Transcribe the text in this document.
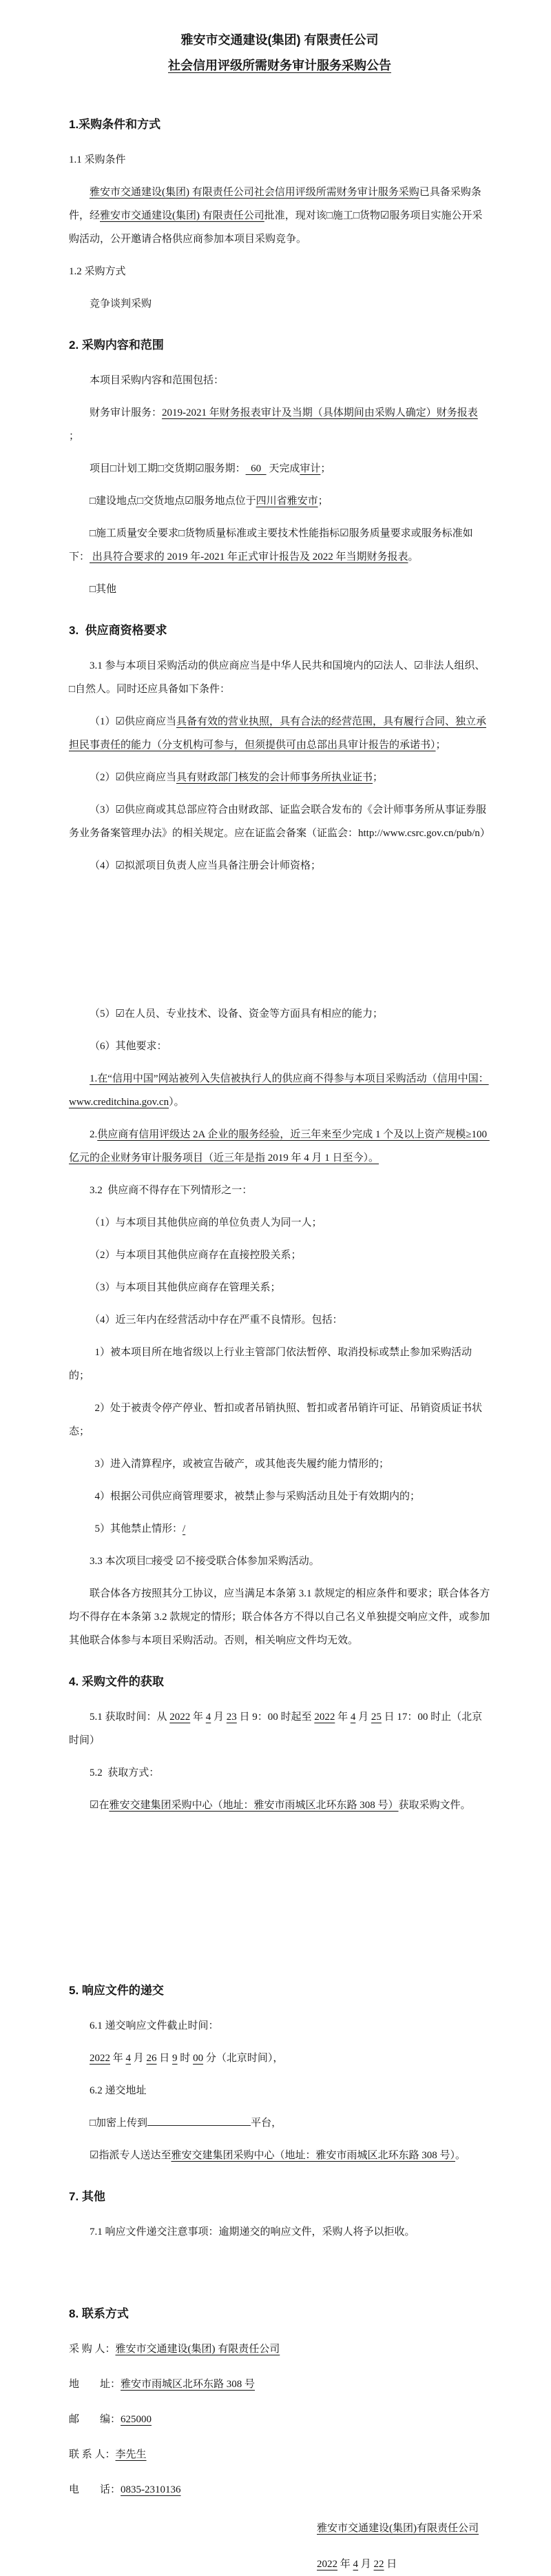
雅安市交通建设(集团) 有限责任公司
社会信用评级所需财务审计服务采购公告
1.采购条件和方式

1.1 采购条件

雅安市交通建设(集团) 有限责任公司社会信用评级所需财务审计服务采购已具备采购条件，经雅安市交通建设(集团) 有限责任公司批准，现对该□施工□货物☑服务项目实施公开采购活动，公开邀请合格供应商参加本项目采购竞争。

1.2 采购方式

竞争谈判采购

2. 采购内容和范围

本项目采购内容和范围包括：

财务审计服务：2019-2021 年财务报表审计及当期（具体期间由采购人确定）财务报表 ；

项目□计划工期□交货期☑服务期：  60   天完成审计；

□建设地点□交货地点☑服务地点位于四川省雅安市；

□施工质量安全要求□货物质量标准或主要技术性能指标☑服务质量要求或服务标准如下： 出具符合要求的 2019 年-2021 年正式审计报告及 2022 年当期财务报表。

□其他

3.  供应商资格要求

3.1 参与本项目采购活动的供应商应当是中华人民共和国境内的☑法人、☑非法人组织、□自然人。同时还应具备如下条件：

（1）☑供应商应当具备有效的营业执照，具有合法的经营范围，具有履行合同、独立承担民事责任的能力（分支机构可参与，但须提供可由总部出具审计报告的承诺书）；

（2）☑供应商应当具有财政部门核发的会计师事务所执业证书；

（3）☑供应商或其总部应符合由财政部、证监会联合发布的《会计师事务所从事证券服务业务备案管理办法》的相关规定。应在证监会备案（证监会：http://www.csrc.gov.cn/pub/n）

（4）☑拟派项目负责人应当具备注册会计师资格；

（5）☑在人员、专业技术、设备、资金等方面具有相应的能力；

（6）其他要求：

1.在“信用中国”网站被列入失信被执行人的供应商不得参与本项目采购活动（信用中国：www.creditchina.gov.cn）。

2.供应商有信用评级达 2A 企业的服务经验，近三年来至少完成 1 个及以上资产规模≥100 亿元的企业财务审计服务项目（近三年是指 2019 年 4 月 1 日至今）。

3.2  供应商不得存在下列情形之一：

（1）与本项目其他供应商的单位负责人为同一人；

（2）与本项目其他供应商存在直接控股关系；

（3）与本项目其他供应商存在管理关系；

（4）近三年内在经营活动中存在严重不良情形。包括：

1）被本项目所在地省级以上行业主管部门依法暂停、取消投标或禁止参加采购活动的；

2）处于被责令停产停业、暂扣或者吊销执照、暂扣或者吊销许可证、吊销资质证书状态；

3）进入清算程序，或被宣告破产，或其他丧失履约能力情形的；

4）根据公司供应商管理要求，被禁止参与采购活动且处于有效期内的；

5）其他禁止情形：/

3.3 本次项目□接受 ☑不接受联合体参加采购活动。

联合体各方按照其分工协议，应当满足本条第 3.1 款规定的相应条件和要求；联合体各方均不得存在本条第 3.2 款规定的情形；联合体各方不得以自己名义单独提交响应文件，或参加其他联合体参与本项目采购活动。否则，相关响应文件均无效。

4. 采购文件的获取

5.1 获取时间：从 2022 年 4 月 23 日 9：00 时起至 2022 年 4 月 25 日 17：00 时止（北京时间）

5.2  获取方式：

☑在雅安交建集团采购中心（地址：雅安市雨城区北环东路 308 号）获取采购文件。

5. 响应文件的递交

6.1 递交响应文件截止时间：

2022 年 4 月 26 日 9 时 00 分（北京时间），

6.2 递交地址

□加密上传到	平台，

☑指派专人送达至雅安交建集团采购中心（地址：雅安市雨城区北环东路 308 号）。

7. 其他

7.1 响应文件递交注意事项：逾期递交的响应文件，采购人将予以拒收。

8. 联系方式

采 购 人：雅安市交通建设(集团) 有限责任公司

地　　址：雅安市雨城区北环东路 308 号

邮　　编：625000

联 系 人：李先生

电　　话：0835-2310136

雅安市交通建设(集团)有限责任公司

2022 年 4 月 22 日
